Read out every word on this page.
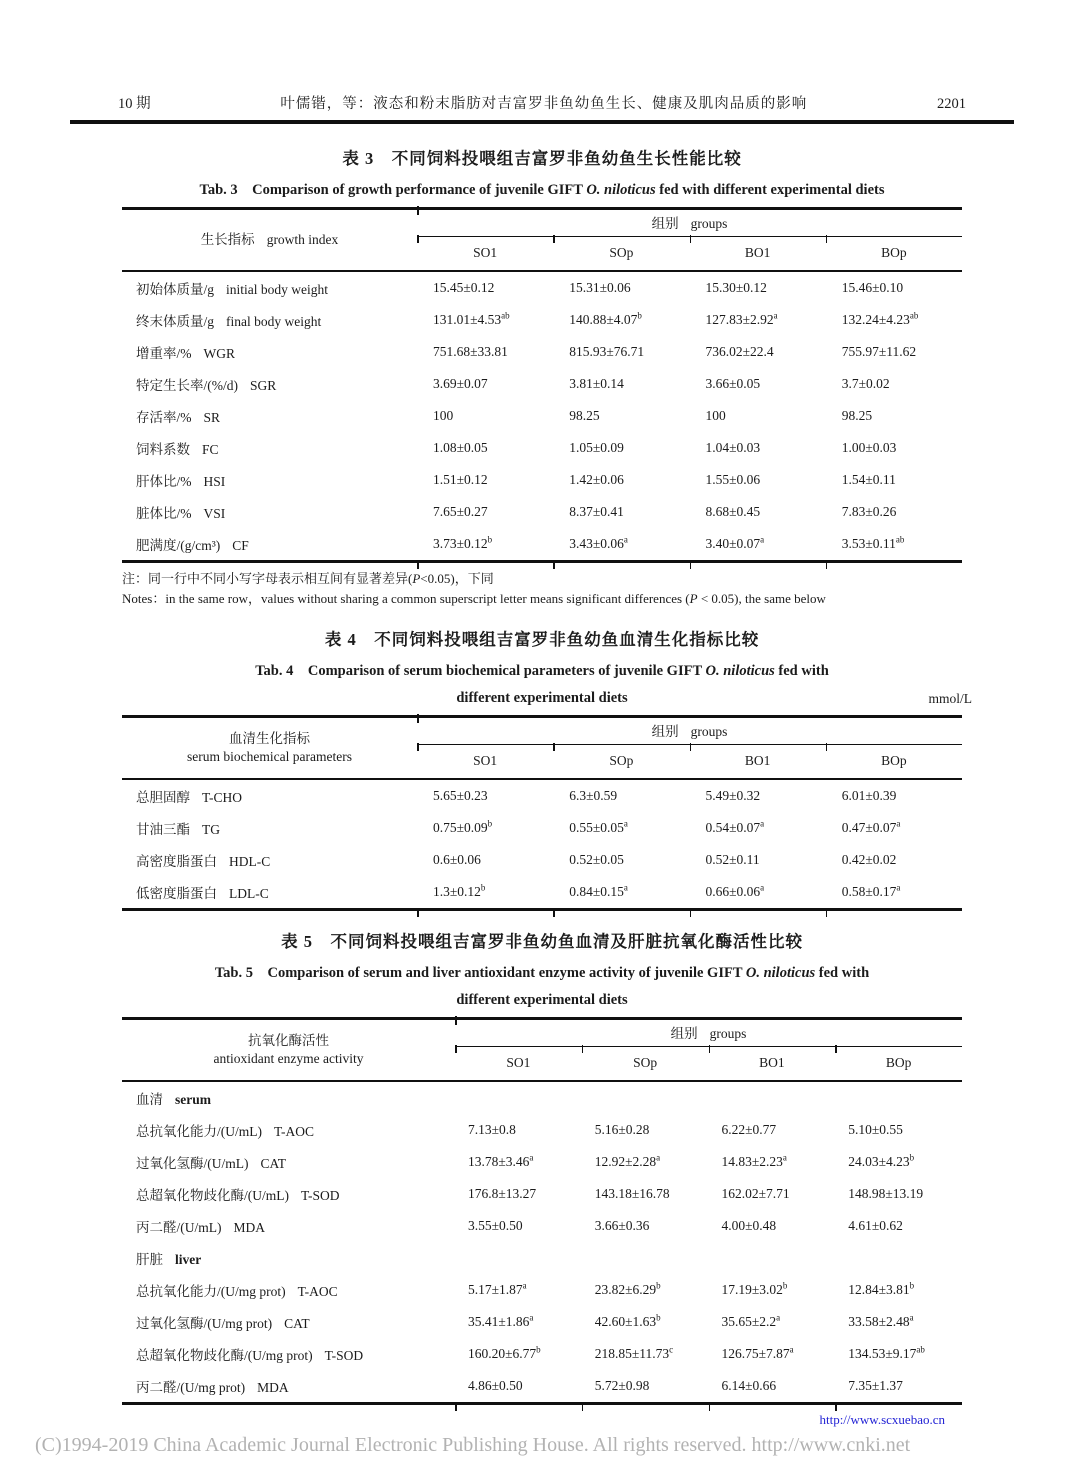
10 期	叶儒锴，等：液态和粉末脂肪对吉富罗非鱼幼鱼生长、健康及肌肉品质的影响	2201
表 3　不同饲料投喂组吉富罗非鱼幼鱼生长性能比较
Tab. 3　Comparison of growth performance of juvenile GIFT O. niloticus fed with different experimental diets
生长指标 growth index
组别 groups
SO1	SOp	BO1	BOp
初始体质量/g initial body weight	15.45±0.12	15.31±0.06	15.30±0.12	15.46±0.10
终末体质量/g final body weight	131.01±4.53$^{ab}$	140.88±4.07$^b$	127.83±2.92$^a$	132.24±4.23$^{ab}$
增重率/% WGR	751.68±33.81	815.93±76.71	736.02±22.4	755.97±11.62
特定生长率/(%/d) SGR	3.69±0.07	3.81±0.14	3.66±0.05	3.7±0.02
存活率/% SR	100	98.25	100	98.25
饲料系数 FC	1.08±0.05	1.05±0.09	1.04±0.03	1.00±0.03
肝体比/% HSI	1.51±0.12	1.42±0.06	1.55±0.06	1.54±0.11
脏体比/% VSI	7.65±0.27	8.37±0.41	8.68±0.45	7.83±0.26
肥满度/(g/cm³) CF	3.73±0.12$^b$	3.43±0.06$^a$	3.40±0.07$^a$	3.53±0.11$^{ab}$
注：同一行中不同小写字母表示相互间有显著差异(P<0.05)，下同
Notes：in the same row，values without sharing a common superscript letter means significant differences (P < 0.05), the same below
表 4　不同饲料投喂组吉富罗非鱼幼鱼血清生化指标比较
Tab. 4　Comparison of serum biochemical parameters of juvenile GIFT O. niloticus fed with
different experimental diets	mmol/L
血清生化指标
serum biochemical parameters
组别 groups
SO1	SOp	BO1	BOp
总胆固醇 T-CHO	5.65±0.23	6.3±0.59	5.49±0.32	6.01±0.39
甘油三酯 TG	0.75±0.09$^b$	0.55±0.05$^a$	0.54±0.07$^a$	0.47±0.07$^a$
高密度脂蛋白 HDL-C	0.6±0.06	0.52±0.05	0.52±0.11	0.42±0.02
低密度脂蛋白 LDL-C	1.3±0.12$^b$	0.84±0.15$^a$	0.66±0.06$^a$	0.58±0.17$^a$
表 5　不同饲料投喂组吉富罗非鱼幼鱼血清及肝脏抗氧化酶活性比较
Tab. 5　Comparison of serum and liver antioxidant enzyme activity of juvenile GIFT O. niloticus fed with
different experimental diets
抗氧化酶活性
antioxidant enzyme activity
组别 groups
SO1	SOp	BO1	BOp
血清 serum
总抗氧化能力/(U/mL) T-AOC	7.13±0.8	5.16±0.28	6.22±0.77	5.10±0.55
过氧化氢酶/(U/mL) CAT	13.78±3.46$^a$	12.92±2.28$^a$	14.83±2.23$^a$	24.03±4.23$^b$
总超氧化物歧化酶/(U/mL) T-SOD	176.8±13.27	143.18±16.78	162.02±7.71	148.98±13.19
丙二醛/(U/mL) MDA	3.55±0.50	3.66±0.36	4.00±0.48	4.61±0.62
肝脏 liver
总抗氧化能力/(U/mg prot) T-AOC	5.17±1.87$^a$	23.82±6.29$^b$	17.19±3.02$^b$	12.84±3.81$^b$
过氧化氢酶/(U/mg prot) CAT	35.41±1.86$^a$	42.60±1.63$^b$	35.65±2.2$^a$	33.58±2.48$^a$
总超氧化物歧化酶/(U/mg prot) T-SOD	160.20±6.77$^b$	218.85±11.73$^c$	126.75±7.87$^a$	134.53±9.17$^{ab}$
丙二醛/(U/mg prot) MDA	4.86±0.50	5.72±0.98	6.14±0.66	7.35±1.37
http://www.scxuebao.cn
(C)1994-2019 China Academic Journal Electronic Publishing House. All rights reserved. http://www.cnki.net
